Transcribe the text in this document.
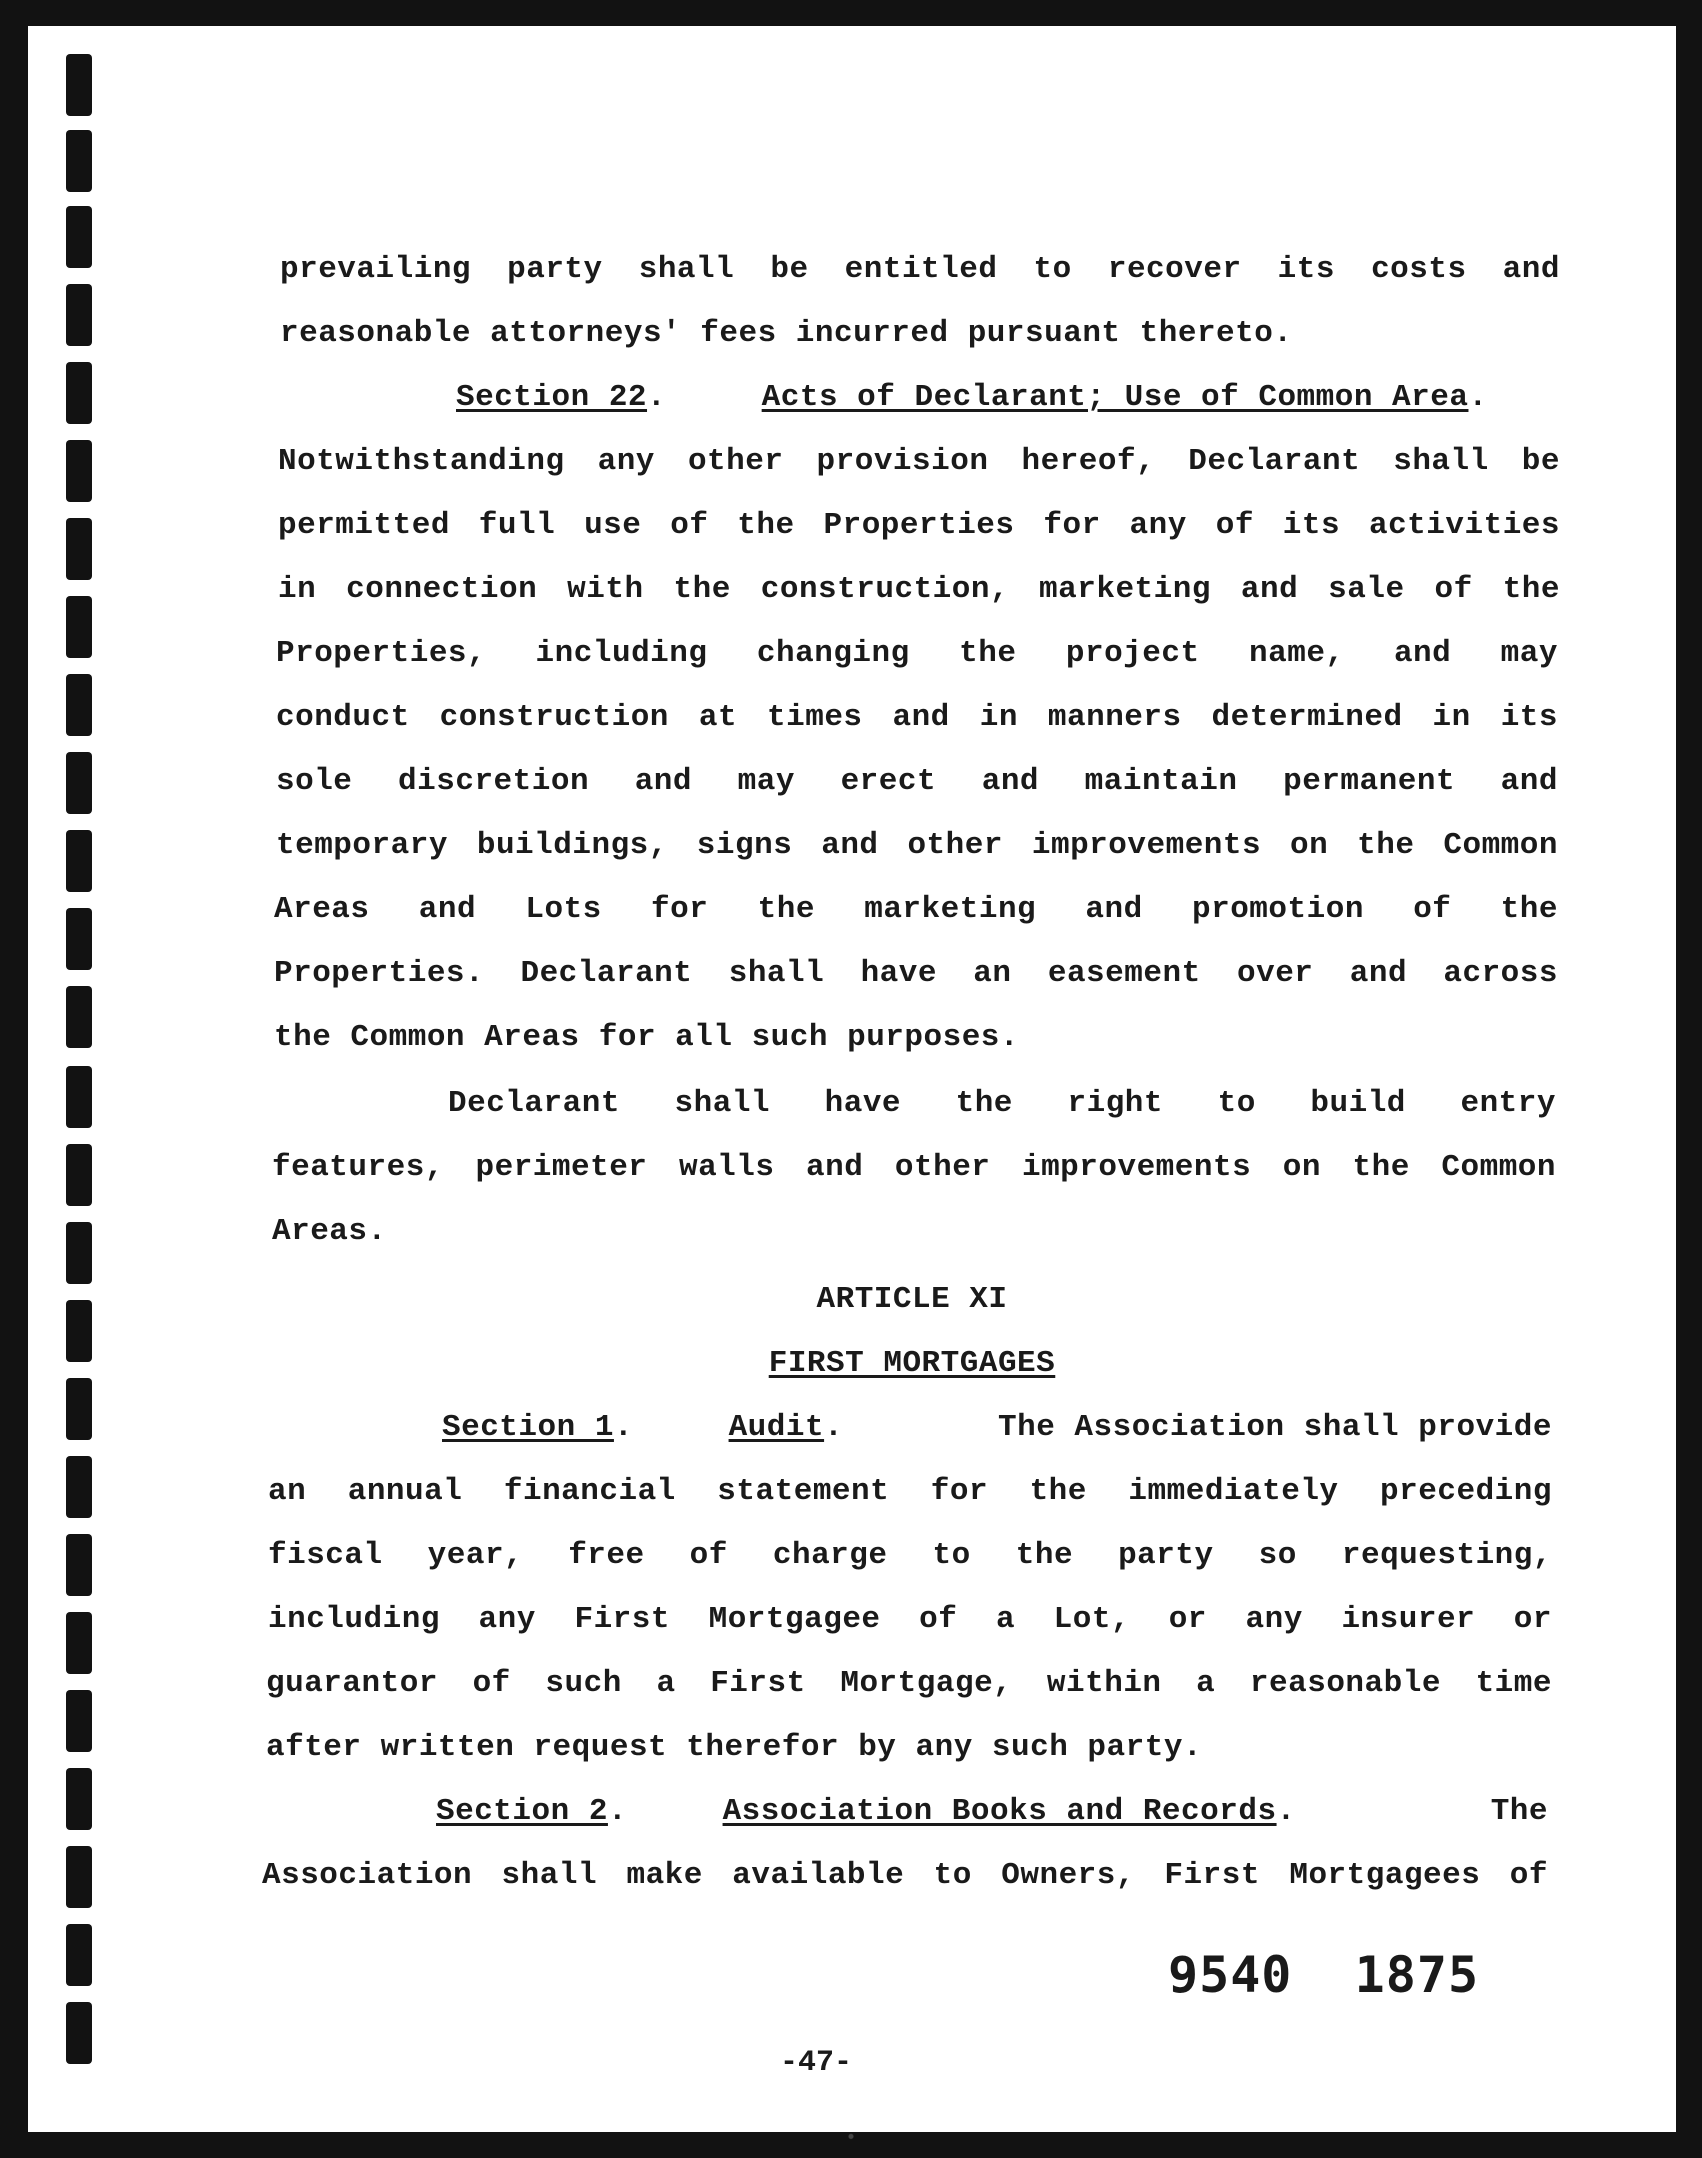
prevailing party shall be entitled to recover its costs and
reasonable attorneys' fees incurred pursuant thereto.
Section 22.     Acts of Declarant; Use of Common Area.
Notwithstanding any other provision hereof, Declarant shall be
permitted full use of the Properties for any of its activities
in connection with the construction, marketing and sale of the
Properties, including changing the project name, and may
conduct construction at times and in manners determined in its
sole discretion and may erect and maintain permanent and
temporary buildings, signs and other improvements on the Common
Areas and Lots for the marketing and promotion of the
Properties. Declarant shall have an easement over and across
the Common Areas for all such purposes.
Declarant shall have the right to build entry
features, perimeter walls and other improvements on the Common
Areas.
ARTICLE XI
FIRST MORTGAGES
Section 1.     Audit.	The Association shall provide
an annual financial statement for the immediately preceding
fiscal year, free of charge to the party so requesting,
including any First Mortgagee of a Lot, or any insurer or
guarantor of such a First Mortgage, within a reasonable time
after written request therefor by any such party.
Section 2.     Association Books and Records.	The
Association shall make available to Owners, First Mortgagees of
9540 1875
-47-
